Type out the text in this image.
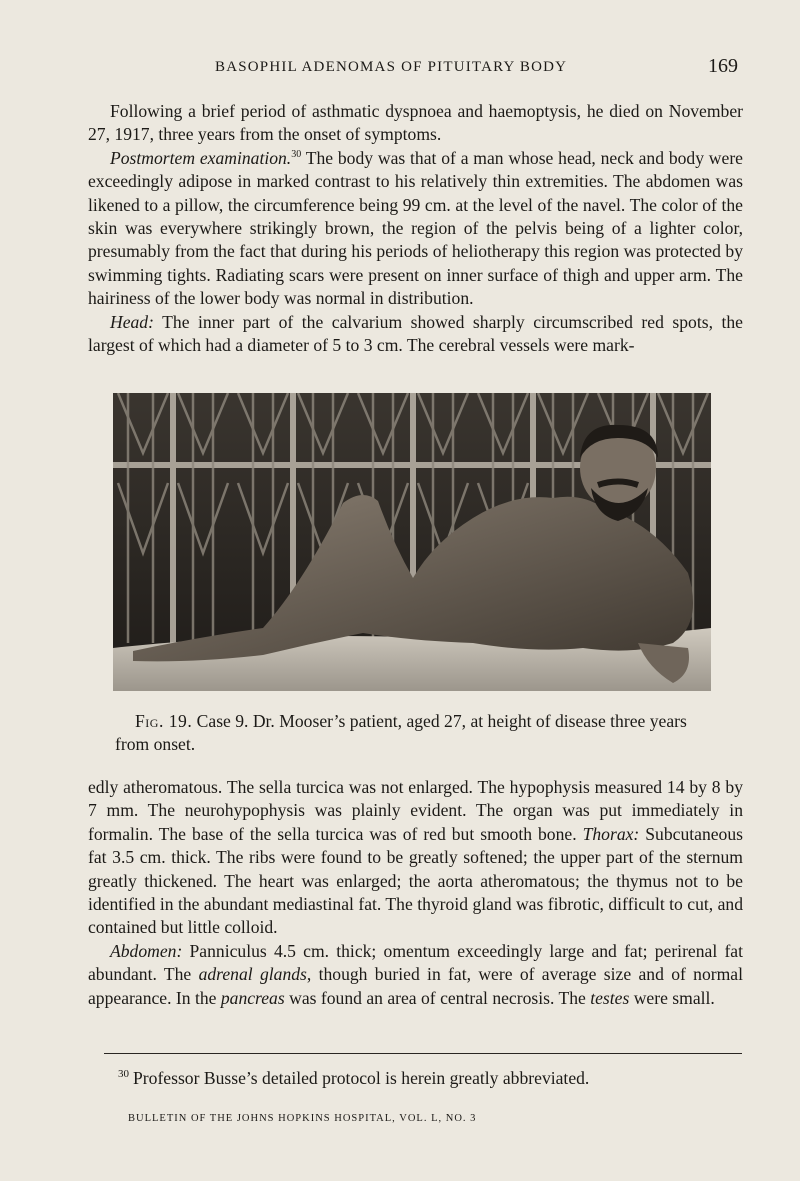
BASOPHIL ADENOMAS OF PITUITARY BODY	169

Following a brief period of asthmatic dyspnoea and haemoptysis, he died on November 27, 1917, three years from the onset of symptoms.

Postmortem examination.$^{30}$ The body was that of a man whose head, neck and body were exceedingly adipose in marked contrast to his relatively thin extremities. The abdomen was likened to a pillow, the circumference being 99 cm. at the level of the navel. The color of the skin was everywhere strikingly brown, the region of the pelvis being of a lighter color, presumably from the fact that during his periods of heliotherapy this region was protected by swimming tights. Radiating scars were present on inner surface of thigh and upper arm. The hairiness of the lower body was normal in distribution.

Head: The inner part of the calvarium showed sharply circumscribed red spots, the largest of which had a diameter of 5 to 3 cm. The cerebral vessels were mark-

Fig. 19. Case 9. Dr. Mooser’s patient, aged 27, at height of disease three years from onset.

edly atheromatous. The sella turcica was not enlarged. The hypophysis measured 14 by 8 by 7 mm. The neurohypophysis was plainly evident. The organ was put immediately in formalin. The base of the sella turcica was of red but smooth bone. Thorax: Subcutaneous fat 3.5 cm. thick. The ribs were found to be greatly softened; the upper part of the sternum greatly thickened. The heart was enlarged; the aorta atheromatous; the thymus not to be identified in the abundant mediastinal fat. The thyroid gland was fibrotic, difficult to cut, and contained but little colloid.

Abdomen: Panniculus 4.5 cm. thick; omentum exceedingly large and fat; perirenal fat abundant. The adrenal glands, though buried in fat, were of average size and of normal appearance. In the pancreas was found an area of central necrosis. The testes were small.

$^{30}$ Professor Busse’s detailed protocol is herein greatly abbreviated.
BULLETIN OF THE JOHNS HOPKINS HOSPITAL, VOL. L, NO. 3
